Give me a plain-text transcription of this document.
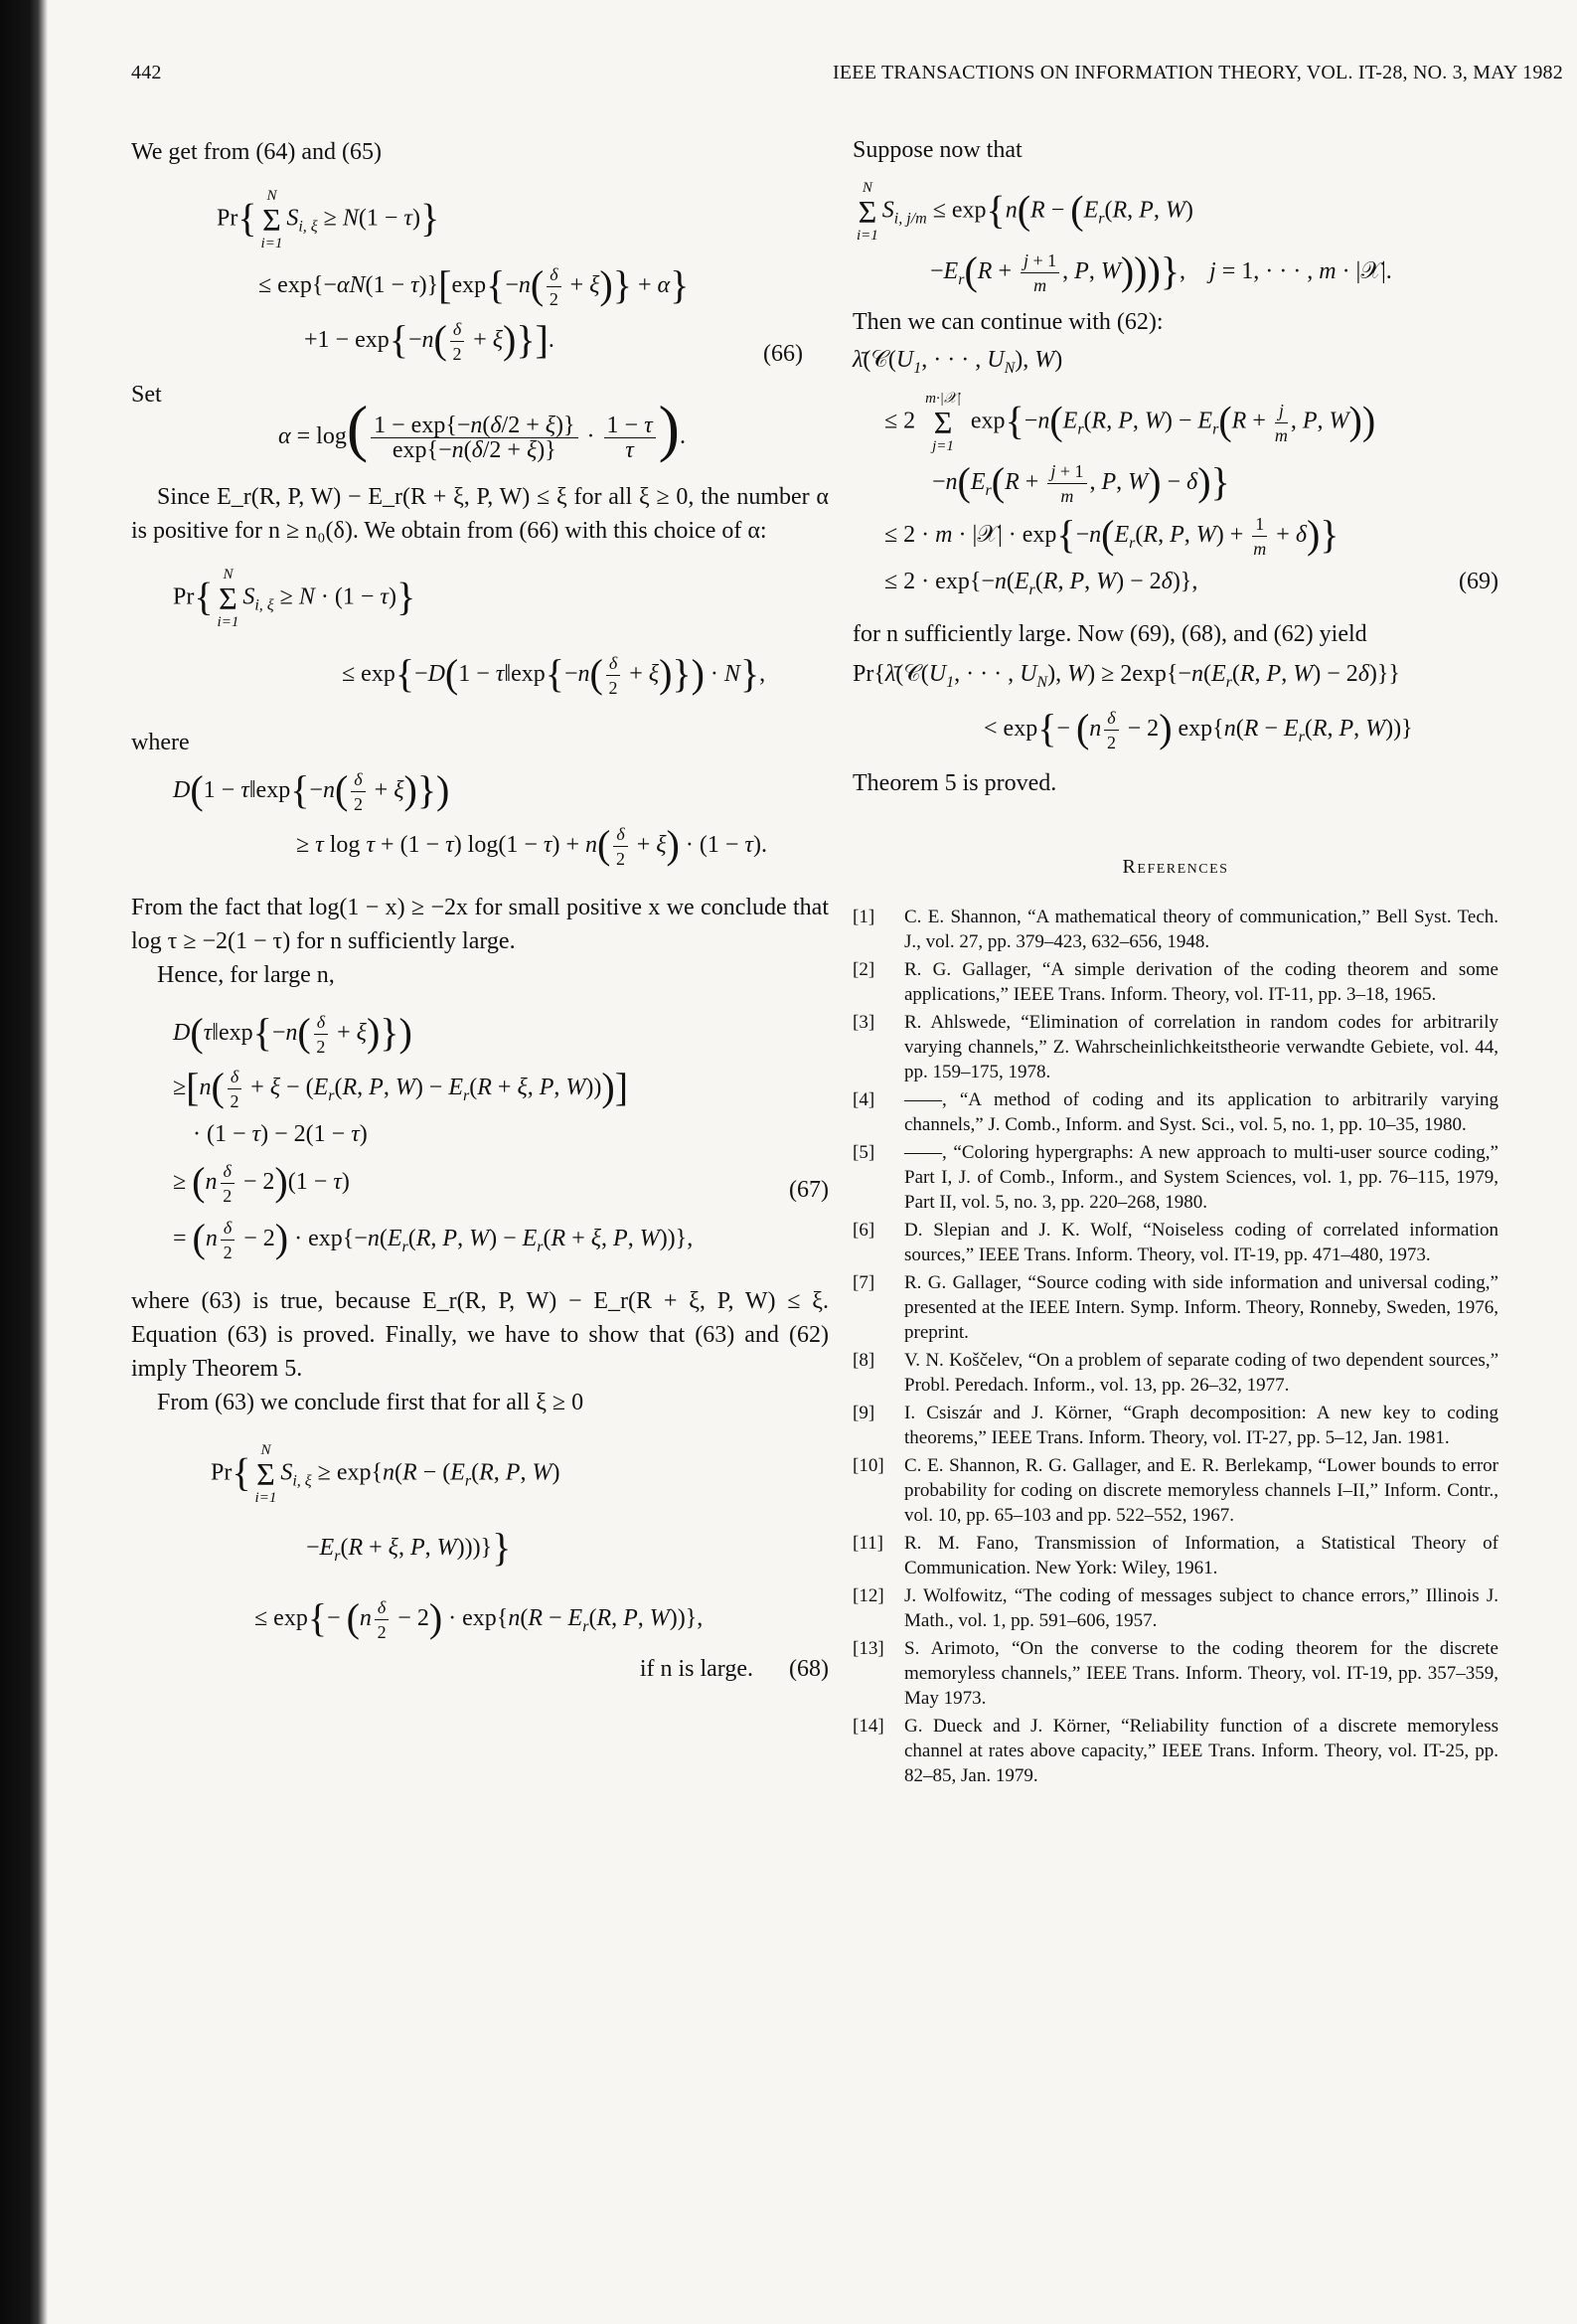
442	IEEE TRANSACTIONS ON INFORMATION THEORY, VOL. IT-28, NO. 3, MAY 1982

We get from (64) and (65)

Pr{ N
Σ
i=1
$S_{i, \xi} \ge N(1 - \tau)$}
≤ $\exp\{-\alpha N(1 - \tau)\}[\exp\{-n( \frac{\delta}{2} + \xi)\} + \alpha\}$
$+1 - \exp\{-n( \frac{\delta}{2} + \xi)\}$].
(66)

Set

$\alpha = \log( \frac{1 - \exp\{-n(\delta/2 + \xi)\}}{\exp\{-n(\delta/2 + \xi)\}} \cdot \frac{1 - \tau}{\tau}$ ).

Since E_r(R, P, W) − E_r(R + ξ, P, W) ≤ ξ for all ξ ≥ 0, the number α is positive for n ≥ n₀(δ). We obtain from (66) with this choice of α:

Pr{ N
Σ
i=1
$S_{i, \xi} \ge N \cdot (1 - \tau)$}
≤ exp{−D(1 − τ‖exp{−n( $\frac{\delta}{2} + \xi)\}) \cdot N$},

where

D(1 − τ‖exp{−n( $\frac{\delta}{2} + \xi$)})
≥ τ log τ + (1 − τ) $\log(1 - \tau) + n( \frac{\delta}{2} + \xi) \cdot (1 - \tau)$.

From the fact that log(1 − x) ≥ −2x for small positive x we conclude that log τ ≥ −2(1 − τ) for n sufficiently large.

Hence, for large n,

D(τ‖exp{−n( $\frac{\delta}{2} + \xi$)})
$\ge[n( \frac{\delta}{2} + \xi - (E_r(R$, P, $W) - E_r(R + \xi$, P, W)))]
· (1 − τ) − 2(1 − τ)
≥ $(n \frac{\delta}{2} - 2)(1 - \tau)$	(67)
= $(n \frac{\delta}{2} - 2) \cdot \exp\{-n(E_r(R$, P, $W) - E_r(R + \xi$, P, W))},

where (63) is true, because E_r(R, P, W) − E_r(R + ξ, P, W) ≤ ξ. Equation (63) is proved. Finally, we have to show that (63) and (62) imply Theorem 5.

From (63) we conclude first that for all ξ ≥ 0

Pr{ N
Σ
i=1
$S_{i, \xi} \ge \exp\{n(R - (E_r(R$, P, W)
$-E_r(R + \xi$, P, W)))}}
≤ $\exp\{- (n \frac{\delta}{2} - 2) \cdot \exp\{n(R - E_r(R$, P, W))},
if n is large. (68)

Suppose now that

N
Σ
i=1
$S_{i, j/m} \le \exp\{n(R - (E_r(R$, P, W)
$-E_r(R + \frac{j + 1}{m}$ , P, W)))},    j = 1, · · · , m · |𝒳|.

Then we can continue with (62):

$\lambdā(𝒞(U_1$, · · · , $U_N$), W)
≤ 2
m·|𝒳|
Σ
j=1
$\exp\{-n(E_r(R$, P, $W) - E_r(R + \frac{j}{m}$ , P, W))
$-n(E_r(R + \frac{j + 1}{m}$ , P, W) − δ)}
≤ 2 · m · |𝒳| · $\exp\{-n(E_r(R$, P, $W) + \frac{1}{m} + \delta$)}
≤ $2 \cdot \exp\{-n(E_r(R$, P, W) − 2δ)},	(69)

for n sufficiently large. Now (69), (68), and (62) yield

$Pr\{\lambdā(𝒞(U_1$, · · · , $U_N$), $W) \ge 2\exp\{-n(E_r(R$, P, W) − 2δ)}}
< $\exp\{- (n \frac{\delta}{2} - 2)$ $\exp\{n(R - E_r(R$, P, W))}

Theorem 5 is proved.

References

[1]	C. E. Shannon, “A mathematical theory of communication,” Bell Syst. Tech. J., vol. 27, pp. 379–423, 632–656, 1948.
[2]	R. G. Gallager, “A simple derivation of the coding theorem and some applications,” IEEE Trans. Inform. Theory, vol. IT-11, pp. 3–18, 1965.
[3]	R. Ahlswede, “Elimination of correlation in random codes for arbitrarily varying channels,” Z. Wahrscheinlichkeitstheorie verwandte Gebiete, vol. 44, pp. 159–175, 1978.
[4]	——, “A method of coding and its application to arbitrarily varying channels,” J. Comb., Inform. and Syst. Sci., vol. 5, no. 1, pp. 10–35, 1980.
[5]	——, “Coloring hypergraphs: A new approach to multi-user source coding,” Part I, J. of Comb., Inform., and System Sciences, vol. 1, pp. 76–115, 1979, Part II, vol. 5, no. 3, pp. 220–268, 1980.
[6]	D. Slepian and J. K. Wolf, “Noiseless coding of correlated information sources,” IEEE Trans. Inform. Theory, vol. IT-19, pp. 471–480, 1973.
[7]	R. G. Gallager, “Source coding with side information and universal coding,” presented at the IEEE Intern. Symp. Inform. Theory, Ronneby, Sweden, 1976, preprint.
[8]	V. N. Koščelev, “On a problem of separate coding of two dependent sources,” Probl. Peredach. Inform., vol. 13, pp. 26–32, 1977.
[9]	I. Csiszár and J. Körner, “Graph decomposition: A new key to coding theorems,” IEEE Trans. Inform. Theory, vol. IT-27, pp. 5–12, Jan. 1981.
[10]	C. E. Shannon, R. G. Gallager, and E. R. Berlekamp, “Lower bounds to error probability for coding on discrete memoryless channels I–II,” Inform. Contr., vol. 10, pp. 65–103 and pp. 522–552, 1967.
[11]	R. M. Fano, Transmission of Information, a Statistical Theory of Communication. New York: Wiley, 1961.
[12]	J. Wolfowitz, “The coding of messages subject to chance errors,” Illinois J. Math., vol. 1, pp. 591–606, 1957.
[13]	S. Arimoto, “On the converse to the coding theorem for the discrete memoryless channels,” IEEE Trans. Inform. Theory, vol. IT-19, pp. 357–359, May 1973.
[14]	G. Dueck and J. Körner, “Reliability function of a discrete memoryless channel at rates above capacity,” IEEE Trans. Inform. Theory, vol. IT-25, pp. 82–85, Jan. 1979.
